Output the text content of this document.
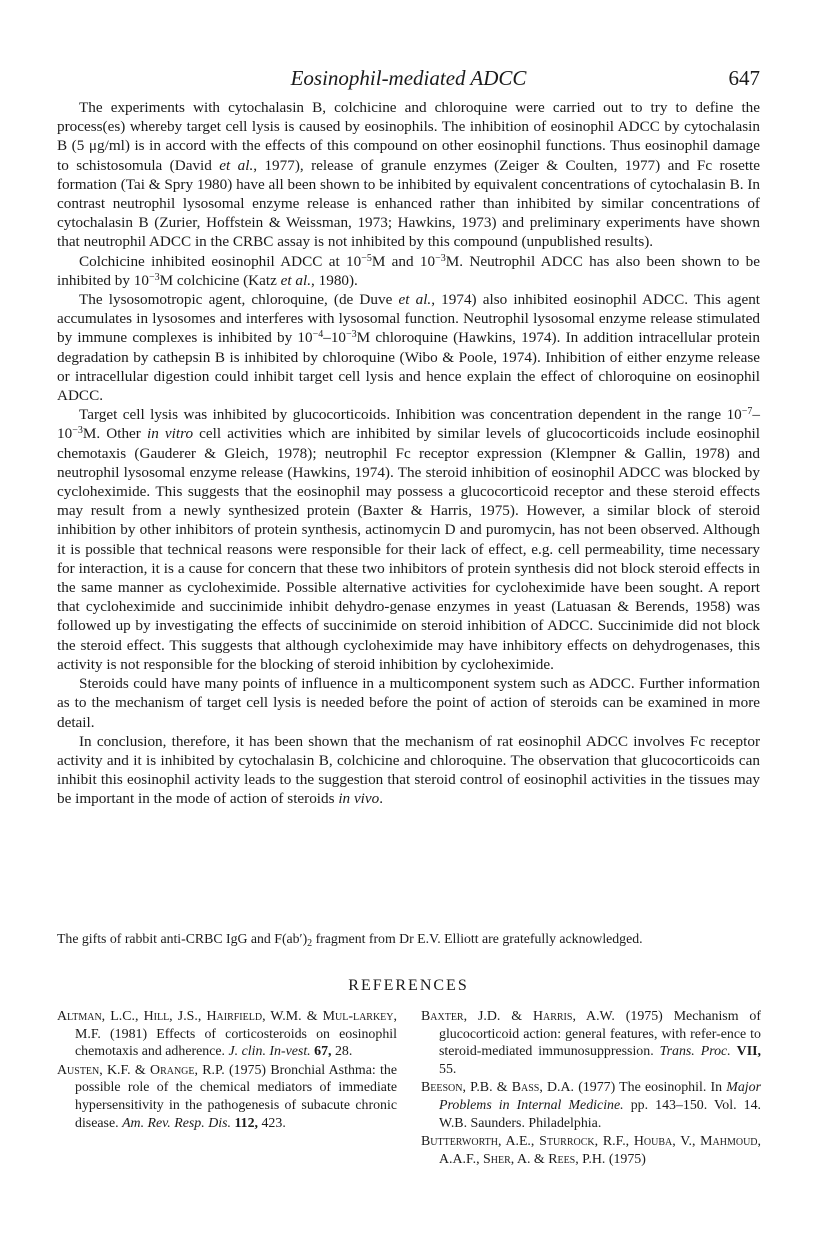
Eosinophil-mediated ADCC	647

The experiments with cytochalasin B, colchicine and chloroquine were carried out to try to define the process(es) whereby target cell lysis is caused by eosinophils. The inhibition of eosinophil ADCC by cytochalasin B (5 μg/ml) is in accord with the effects of this compound on other eosinophil functions. Thus eosinophil damage to schistosomula (David et al., 1977), release of granule enzymes (Zeiger & Coulten, 1977) and Fc rosette formation (Tai & Spry 1980) have all been shown to be inhibited by equivalent concentrations of cytochalasin B. In contrast neutrophil lysosomal enzyme release is enhanced rather than inhibited by similar concentrations of cytochalasin B (Zurier, Hoffstein & Weissman, 1973; Hawkins, 1973) and preliminary experiments have shown that neutrophil ADCC in the CRBC assay is not inhibited by this compound (unpublished results).

Colchicine inhibited eosinophil ADCC at $10^{-5}M$ and $10^{-3}M$. Neutrophil ADCC has also been shown to be inhibited by $10^{-3}M$ colchicine (Katz et al., 1980).

The lysosomotropic agent, chloroquine, (de Duve et al., 1974) also inhibited eosinophil ADCC. This agent accumulates in lysosomes and interferes with lysosomal function. Neutrophil lysosomal enzyme release stimulated by immune complexes is inhibited by $10^{-4}-10^{-3}M$ chloroquine (Hawkins, 1974). In addition intracellular protein degradation by cathepsin B is inhibited by chloroquine (Wibo & Poole, 1974). Inhibition of either enzyme release or intracellular digestion could inhibit target cell lysis and hence explain the effect of chloroquine on eosinophil ADCC.

Target cell lysis was inhibited by glucocorticoids. Inhibition was concentration dependent in the range $10^{-7}-10^{-3}M$. Other in vitro cell activities which are inhibited by similar levels of glucocorticoids include eosinophil chemotaxis (Gauderer & Gleich, 1978); neutrophil Fc receptor expression (Klempner & Gallin, 1978) and neutrophil lysosomal enzyme release (Hawkins, 1974). The steroid inhibition of eosinophil ADCC was blocked by cycloheximide. This suggests that the eosinophil may possess a glucocorticoid receptor and these steroid effects may result from a newly synthesized protein (Baxter & Harris, 1975). However, a similar block of steroid inhibition by other inhibitors of protein synthesis, actinomycin D and puromycin, has not been observed. Although it is possible that technical reasons were responsible for their lack of effect, e.g. cell permeability, time necessary for interaction, it is a cause for concern that these two inhibitors of protein synthesis did not block steroid effects in the same manner as cycloheximide. Possible alternative activities for cycloheximide have been sought. A report that cycloheximide and succinimide inhibit dehydro-genase enzymes in yeast (Latuasan & Berends, 1958) was followed up by investigating the effects of succinimide on steroid inhibition of ADCC. Succinimide did not block the steroid effect. This suggests that although cycloheximide may have inhibitory effects on dehydrogenases, this activity is not responsible for the blocking of steroid inhibition by cycloheximide.

Steroids could have many points of influence in a multicomponent system such as ADCC. Further information as to the mechanism of target cell lysis is needed before the point of action of steroids can be examined in more detail.

In conclusion, therefore, it has been shown that the mechanism of rat eosinophil ADCC involves Fc receptor activity and it is inhibited by cytochalasin B, colchicine and chloroquine. The observation that glucocorticoids can inhibit this eosinophil activity leads to the suggestion that steroid control of eosinophil activities in the tissues may be important in the mode of action of steroids in vivo.

The gifts of rabbit anti-CRBC IgG and $F(ab')_2$ fragment from Dr E.V. Elliott are gratefully acknowledged.
REFERENCES

Altman, L.C., Hill, J.S., Hairfield, W.M. & Mul-larkey, M.F. (1981) Effects of corticosteroids on eosinophil chemotaxis and adherence. J. clin. In-vest. 67, 28.

Austen, K.F. & Orange, R.P. (1975) Bronchial Asthma: the possible role of the chemical mediators of immediate hypersensitivity in the pathogenesis of subacute chronic disease. Am. Rev. Resp. Dis. 112, 423.

Baxter, J.D. & Harris, A.W. (1975) Mechanism of glucocorticoid action: general features, with refer-ence to steroid-mediated immunosuppression. Trans. Proc. VII, 55.

Beeson, P.B. & Bass, D.A. (1977) The eosinophil. In Major Problems in Internal Medicine. pp. 143–150. Vol. 14. W.B. Saunders. Philadelphia.

Butterworth, A.E., Sturrock, R.F., Houba, V., Mahmoud, A.A.F., Sher, A. & Rees, P.H. (1975)
